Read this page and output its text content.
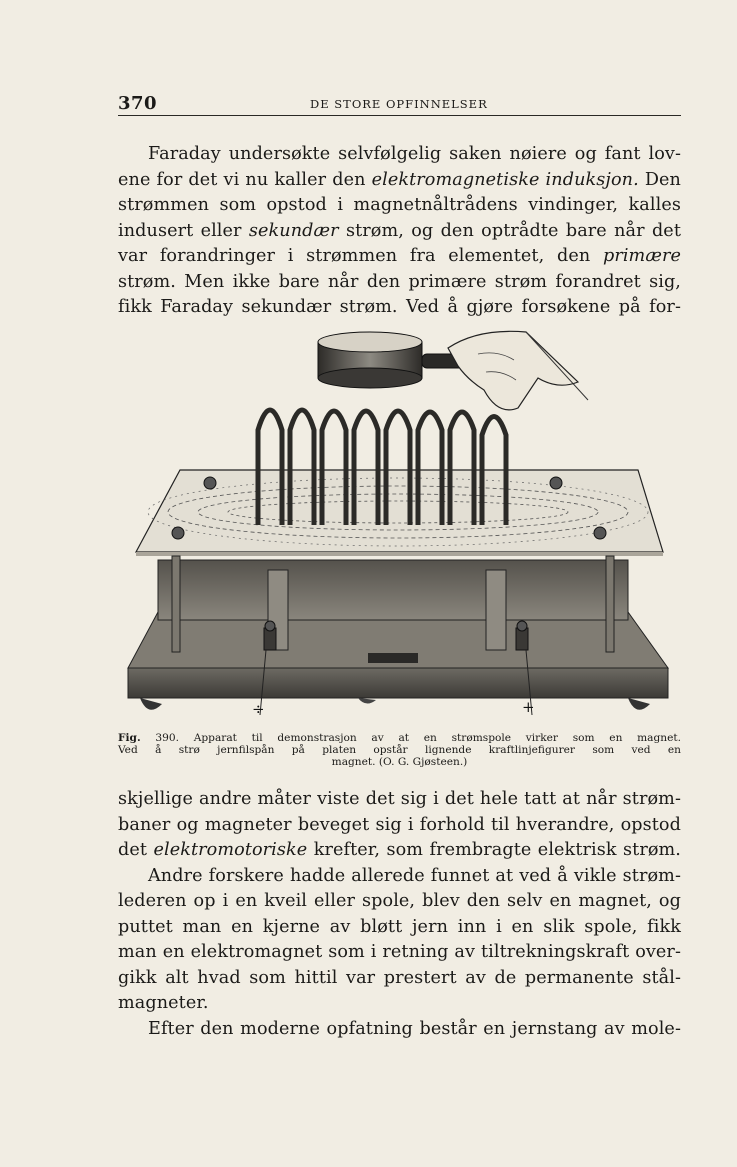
370	DE STORE OPFINNELSER
Faraday undersøkte selvfølgelig saken nøiere og fant lov-
ene for det vi nu kaller den elektromagnetiske induksjon. Den
strømmen som opstod i magnetnåltrådens vindinger, kalles
indusert eller sekundær strøm, og den optrådte bare når det
var forandringer i strømmen fra elementet, den primære
strøm. Men ikke bare når den primære strøm forandret sig,
fikk Faraday sekundær strøm. Ved å gjøre forsøkene på for-
÷	+
Fig. 390. Apparat til demonstrasjon av at en strømspole virker som en magnet.
Ved å strø jernfilspån på platen opstår lignende kraftlinjefigurer som ved en
magnet. (O. G. Gjøsteen.)
skjellige andre måter viste det sig i det hele tatt at når strøm-
baner og magneter beveget sig i forhold til hverandre, opstod
det elektromotoriske krefter, som frembragte elektrisk strøm.
Andre forskere hadde allerede funnet at ved å vikle strøm-
lederen op i en kveil eller spole, blev den selv en magnet, og
puttet man en kjerne av bløtt jern inn i en slik spole, fikk
man en elektromagnet som i retning av tiltrekningskraft over-
gikk alt hvad som hittil var prestert av de permanente stål-
magneter.
Efter den moderne opfatning består en jernstang av mole-
